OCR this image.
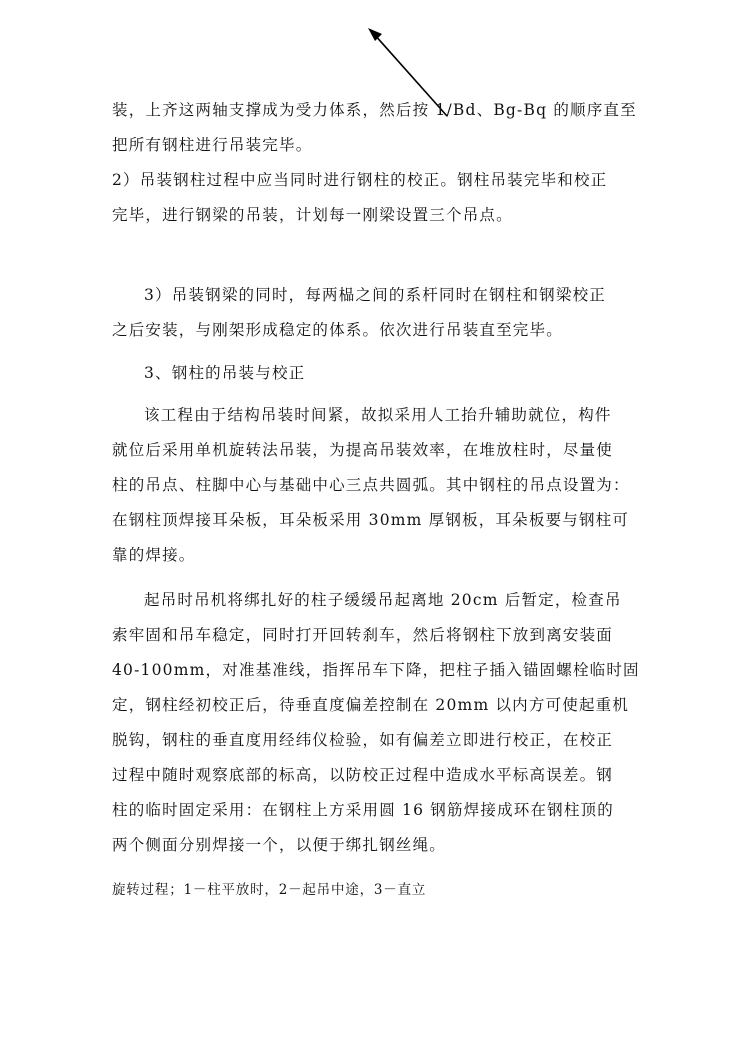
装，上齐这两轴支撑成为受力体系，然后按 1/Bd、Bg-Bq 的顺序直至
把所有钢柱进行吊装完毕。
2）吊装钢柱过程中应当同时进行钢柱的校正。钢柱吊装完毕和校正
完毕，进行钢梁的吊装，计划每一刚梁设置三个吊点。
3）吊装钢梁的同时，每两榀之间的系杆同时在钢柱和钢梁校正
之后安装，与刚架形成稳定的体系。依次进行吊装直至完毕。
3、钢柱的吊装与校正
该工程由于结构吊装时间紧，故拟采用人工抬升辅助就位，构件
就位后采用单机旋转法吊装，为提高吊装效率，在堆放柱时，尽量使
柱的吊点、柱脚中心与基础中心三点共圆弧。其中钢柱的吊点设置为：
在钢柱顶焊接耳朵板，耳朵板采用 30mm 厚钢板，耳朵板要与钢柱可
靠的焊接。
起吊时吊机将绑扎好的柱子缓缓吊起离地 20cm 后暂定，检查吊
索牢固和吊车稳定，同时打开回转刹车，然后将钢柱下放到离安装面
40-100mm，对准基准线，指挥吊车下降，把柱子插入锚固螺栓临时固
定，钢柱经初校正后，待垂直度偏差控制在 20mm 以内方可使起重机
脱钩，钢柱的垂直度用经纬仪检验，如有偏差立即进行校正，在校正
过程中随时观察底部的标高，以防校正过程中造成水平标高误差。钢
柱的临时固定采用：在钢柱上方采用圆 16 钢筋焊接成环在钢柱顶的
两个侧面分别焊接一个，以便于绑扎钢丝绳。
旋转过程；1－柱平放时，2－起吊中途，3－直立
